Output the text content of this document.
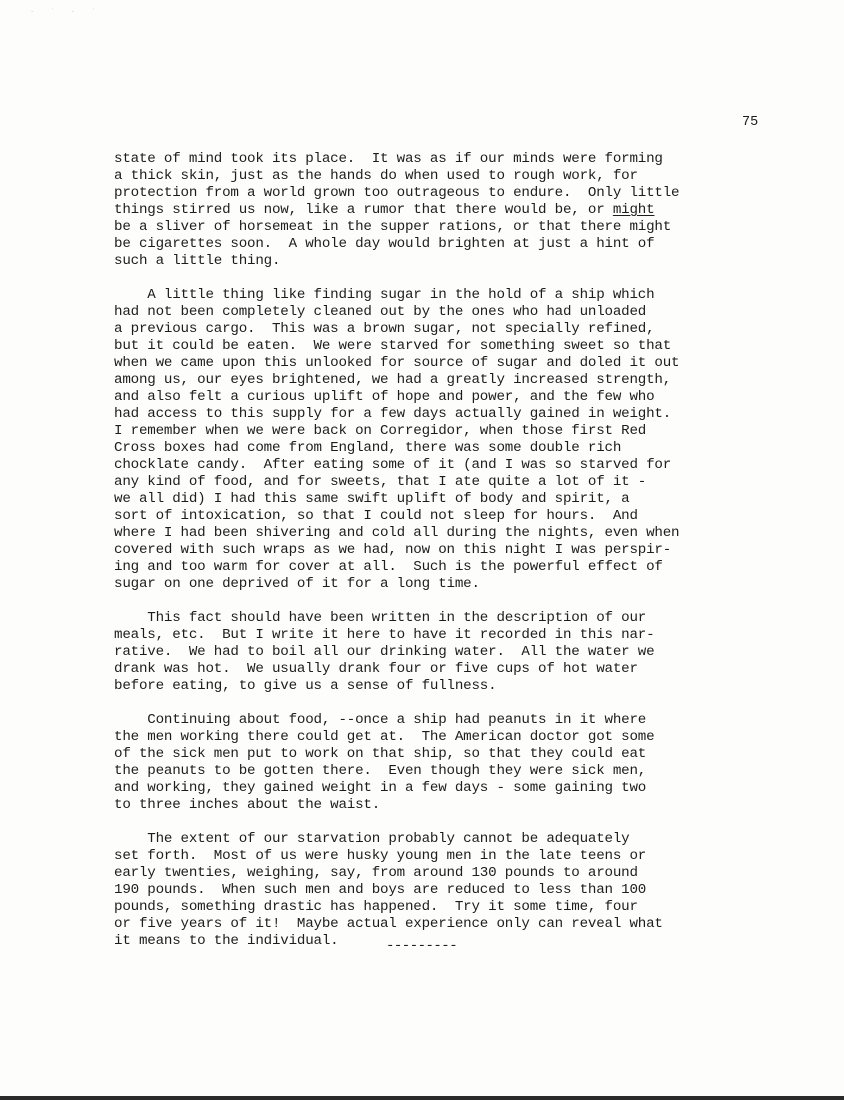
· ˙ · ˙
75
state of mind took its place.  It was as if our minds were forming
a thick skin, just as the hands do when used to rough work, for
protection from a world grown too outrageous to endure.  Only little
things stirred us now, like a rumor that there would be, or might
be a sliver of horsemeat in the supper rations, or that there might
be cigarettes soon.  A whole day would brighten at just a hint of
such a little thing.
A little thing like finding sugar in the hold of a ship which
had not been completely cleaned out by the ones who had unloaded
a previous cargo.  This was a brown sugar, not specially refined,
but it could be eaten.  We were starved for something sweet so that
when we came upon this unlooked for source of sugar and doled it out
among us, our eyes brightened, we had a greatly increased strength,
and also felt a curious uplift of hope and power, and the few who
had access to this supply for a few days actually gained in weight.
I remember when we were back on Corregidor, when those first Red
Cross boxes had come from England, there was some double rich
chocklate candy.  After eating some of it (and I was so starved for
any kind of food, and for sweets, that I ate quite a lot of it -
we all did) I had this same swift uplift of body and spirit, a
sort of intoxication, so that I could not sleep for hours.  And
where I had been shivering and cold all during the nights, even when
covered with such wraps as we had, now on this night I was perspir-
ing and too warm for cover at all.  Such is the powerful effect of
sugar on one deprived of it for a long time.
This fact should have been written in the description of our
meals, etc.  But I write it here to have it recorded in this nar-
rative.  We had to boil all our drinking water.  All the water we
drank was hot.  We usually drank four or five cups of hot water
before eating, to give us a sense of fullness.
Continuing about food, --once a ship had peanuts in it where
the men working there could get at.  The American doctor got some
of the sick men put to work on that ship, so that they could eat
the peanuts to be gotten there.  Even though they were sick men,
and working, they gained weight in a few days - some gaining two
to three inches about the waist.
The extent of our starvation probably cannot be adequately
set forth.  Most of us were husky young men in the late teens or
early twenties, weighing, say, from around 130 pounds to around
190 pounds.  When such men and boys are reduced to less than 100
pounds, something drastic has happened.  Try it some time, four
or five years of it!  Maybe actual experience only can reveal what
it means to the individual.	---------
